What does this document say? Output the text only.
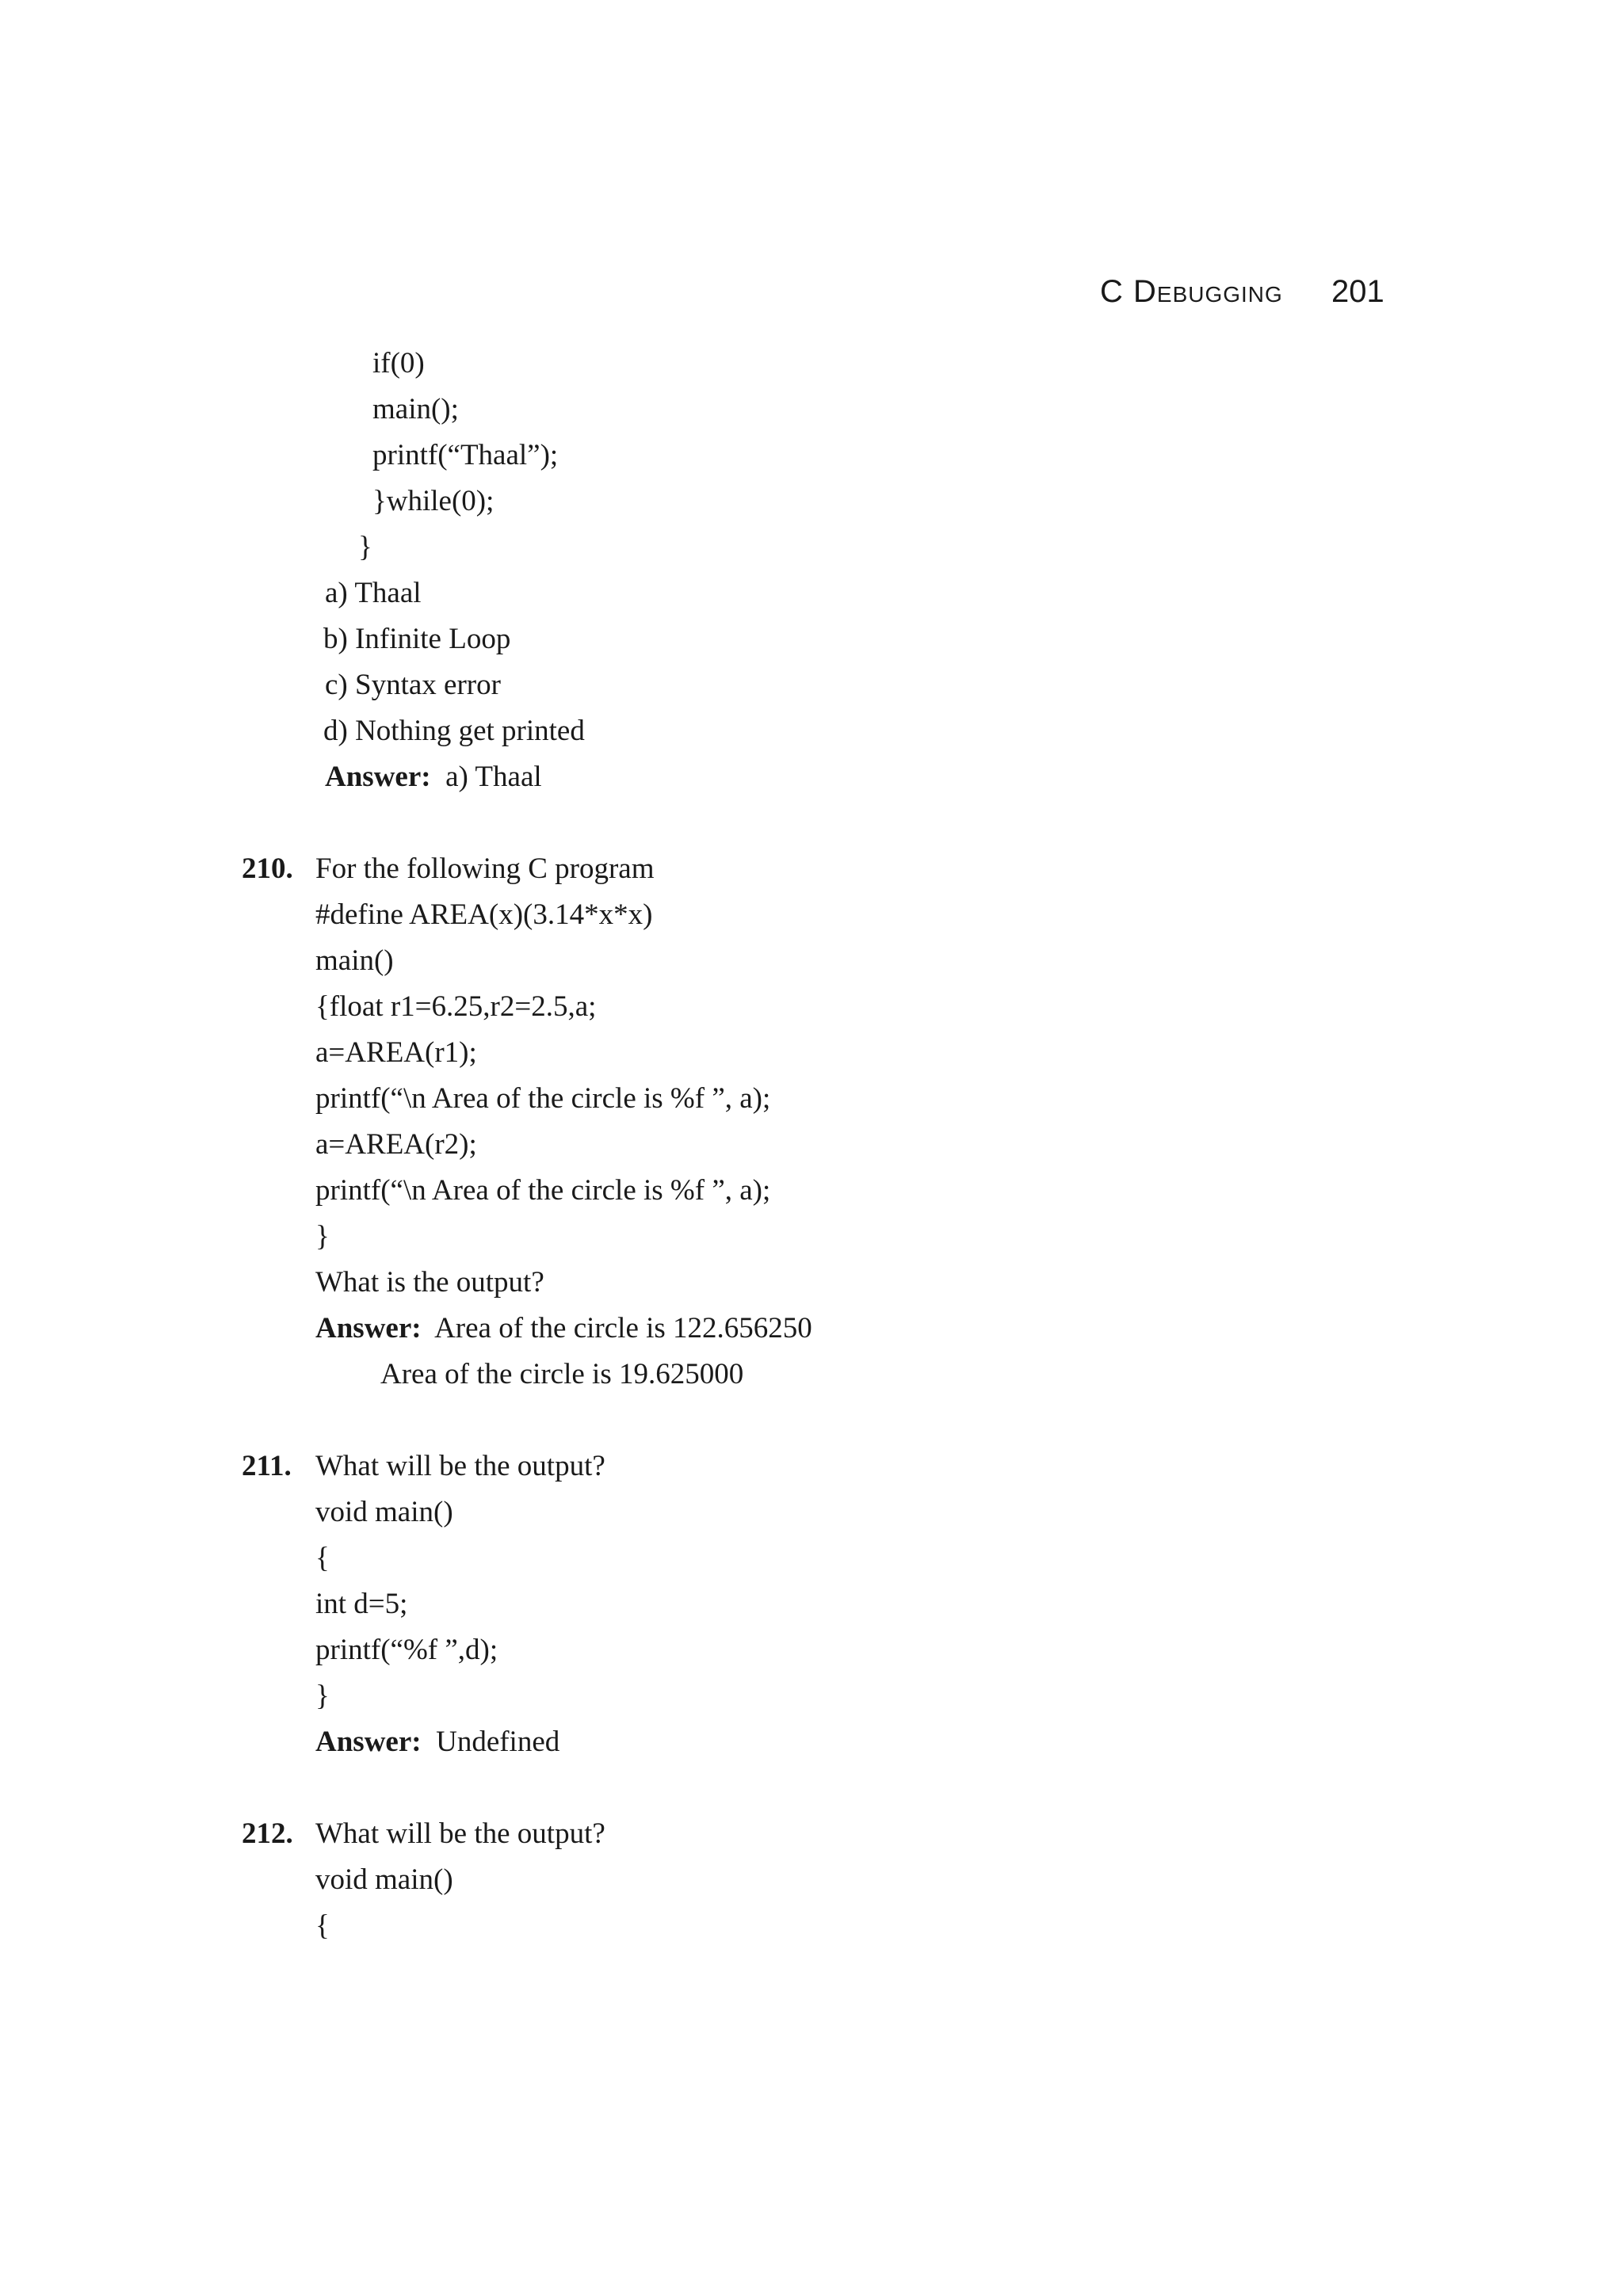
C Debugging 201
if(0)
main();
printf(“Thaal”);
}while(0);
}
a) Thaal
b) Infinite Loop
c) Syntax error
d) Nothing get printed
Answer: a) Thaal
210. For the following C program
#define AREA(x)(3.14*x*x)
main()
{float r1=6.25,r2=2.5,a;
a=AREA(r1);
printf(“\n Area of the circle is %f ”, a);
a=AREA(r2);
printf(“\n Area of the circle is %f ”, a);
}
What is the output?
Answer: Area of the circle is 122.656250
Area of the circle is 19.625000
211. What will be the output?
void main()
{
int d=5;
printf(“%f ”,d);
}
Answer: Undefined
212. What will be the output?
void main()
{
